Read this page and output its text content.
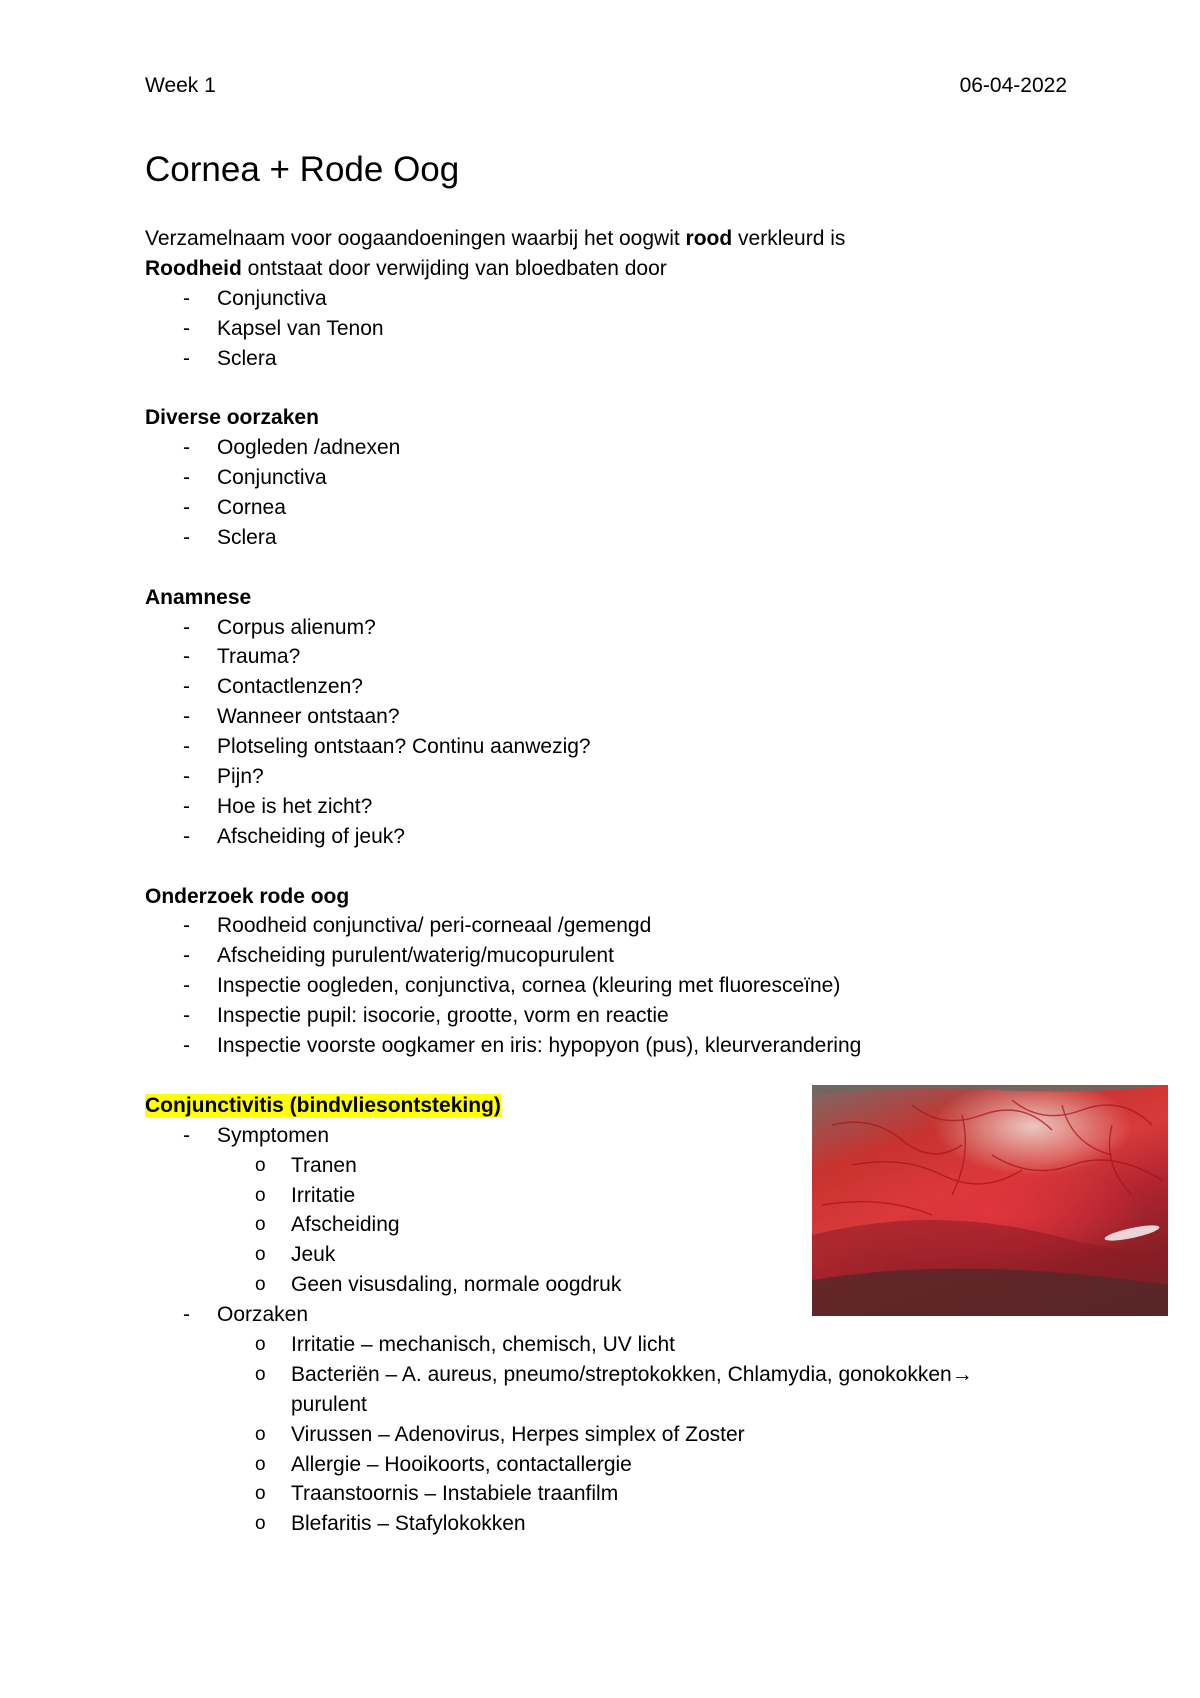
Week 1	06-04-2022
Cornea + Rode Oog
Verzamelnaam voor oogaandoeningen waarbij het oogwit rood verkleurd is
Roodheid ontstaat door verwijding van bloedbaten door
- Conjunctiva
- Kapsel van Tenon
- Sclera
Diverse oorzaken
- Oogleden /adnexen
- Conjunctiva
- Cornea
- Sclera
Anamnese
- Corpus alienum?
- Trauma?
- Contactlenzen?
- Wanneer ontstaan?
- Plotseling ontstaan? Continu aanwezig?
- Pijn?
- Hoe is het zicht?
- Afscheiding of jeuk?
Onderzoek rode oog
- Roodheid conjunctiva/ peri-corneaal /gemengd
- Afscheiding purulent/waterig/mucopurulent
- Inspectie oogleden, conjunctiva, cornea (kleuring met fluoresceïne)
- Inspectie pupil: isocorie, grootte, vorm en reactie
- Inspectie voorste oogkamer en iris: hypopyon (pus), kleurverandering
Conjunctivitis (bindvliesontsteking)
- Symptomen
o Tranen
o Irritatie
o Afscheiding
o Jeuk
o Geen visusdaling, normale oogdruk
- Oorzaken
o Irritatie – mechanisch, chemisch, UV licht
o Bacteriën – A. aureus, pneumo/streptokokken, Chlamydia, gonokokken→
purulent
o Virussen – Adenovirus, Herpes simplex of Zoster
o Allergie – Hooikoorts, contactallergie
o Traanstoornis – Instabiele traanfilm
o Blefaritis – Stafylokokken
